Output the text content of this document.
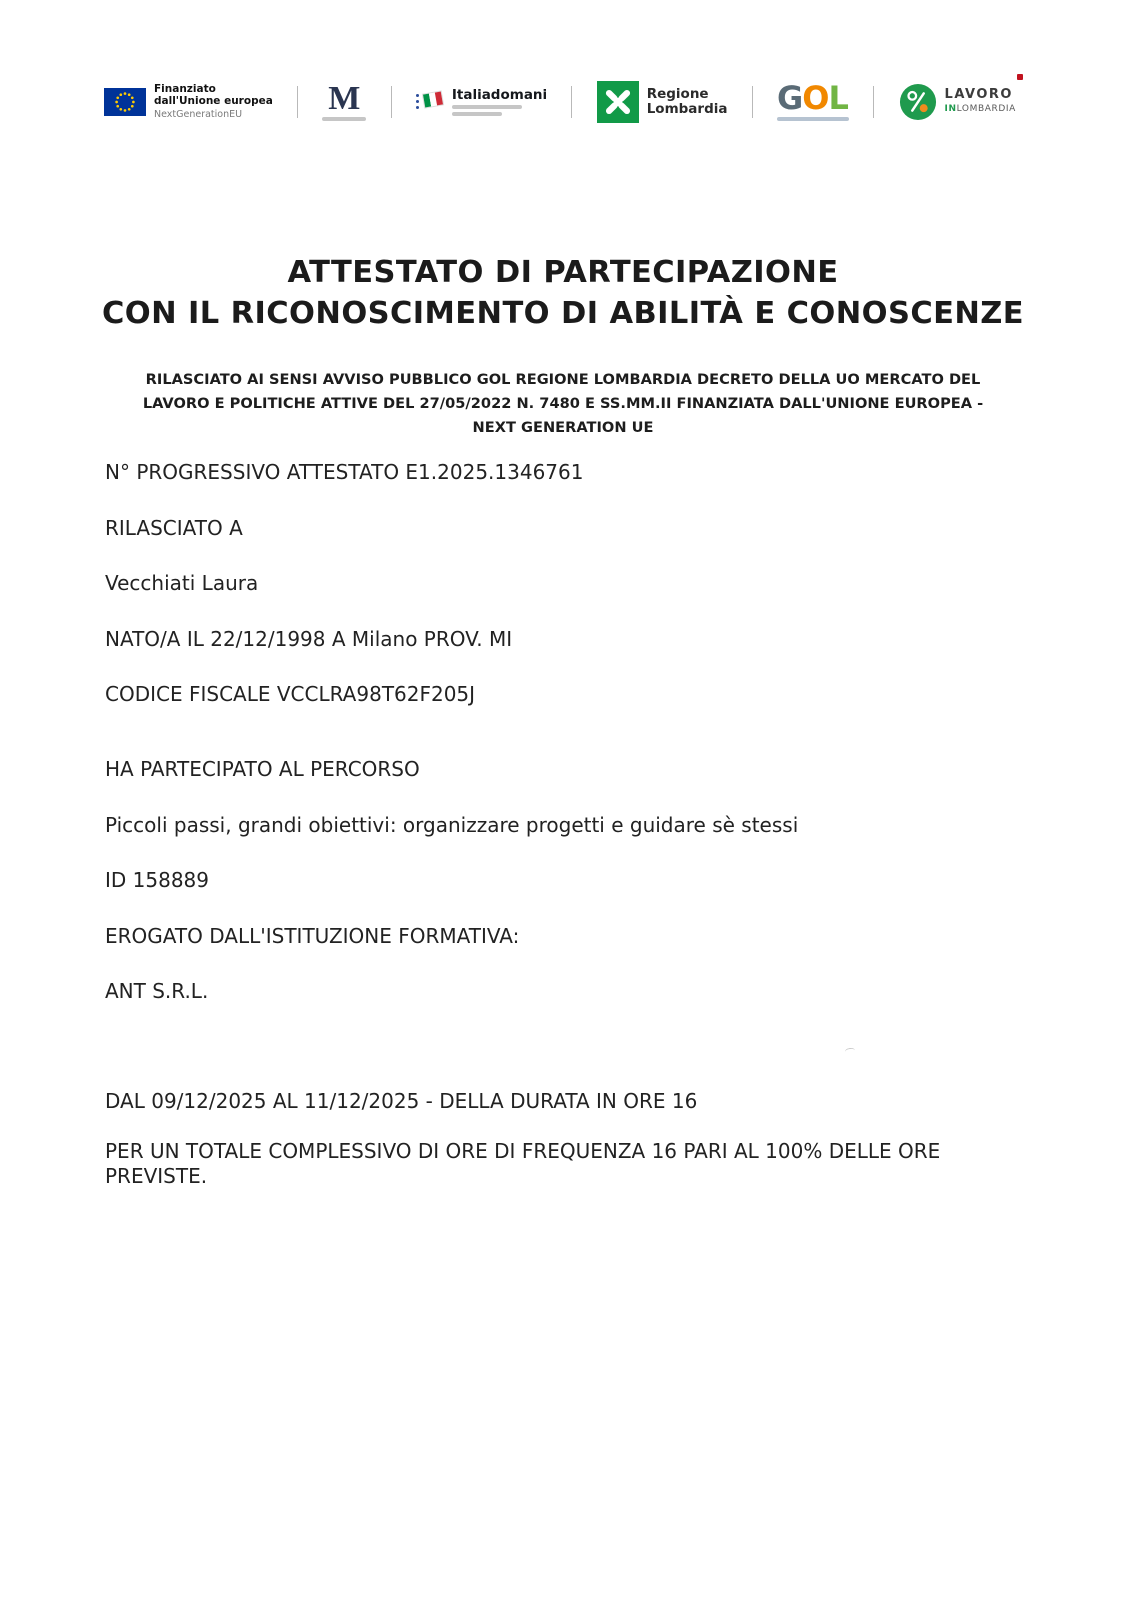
Finanziato
dall'Unione europea
NextGenerationEU	M	Italiadomani	Regione
Lombardia GOL	LAVORO
INLOMBARDIA
ATTESTATO DI PARTECIPAZIONE
CON IL RICONOSCIMENTO DI ABILITÀ E CONOSCENZE

RILASCIATO AI SENSI AVVISO PUBBLICO GOL REGIONE LOMBARDIA DECRETO DELLA UO MERCATO DEL LAVORO E POLITICHE ATTIVE DEL 27/05/2022 N. 7480 E SS.MM.II FINANZIATA DALL'UNIONE EUROPEA - NEXT GENERATION UE

N° PROGRESSIVO ATTESTATO E1.2025.1346761

RILASCIATO A

Vecchiati Laura

NATO/A IL 22/12/1998 A Milano PROV. MI

CODICE FISCALE VCCLRA98T62F205J

HA PARTECIPATO AL PERCORSO

Piccoli passi, grandi obiettivi: organizzare progetti e guidare sè stessi

ID 158889

EROGATO DALL'ISTITUZIONE FORMATIVA:

ANT S.R.L.

DAL 09/12/2025 AL 11/12/2025 - DELLA DURATA IN ORE 16

PER UN TOTALE COMPLESSIVO DI ORE DI FREQUENZA 16 PARI AL 100% DELLE ORE PREVISTE.
